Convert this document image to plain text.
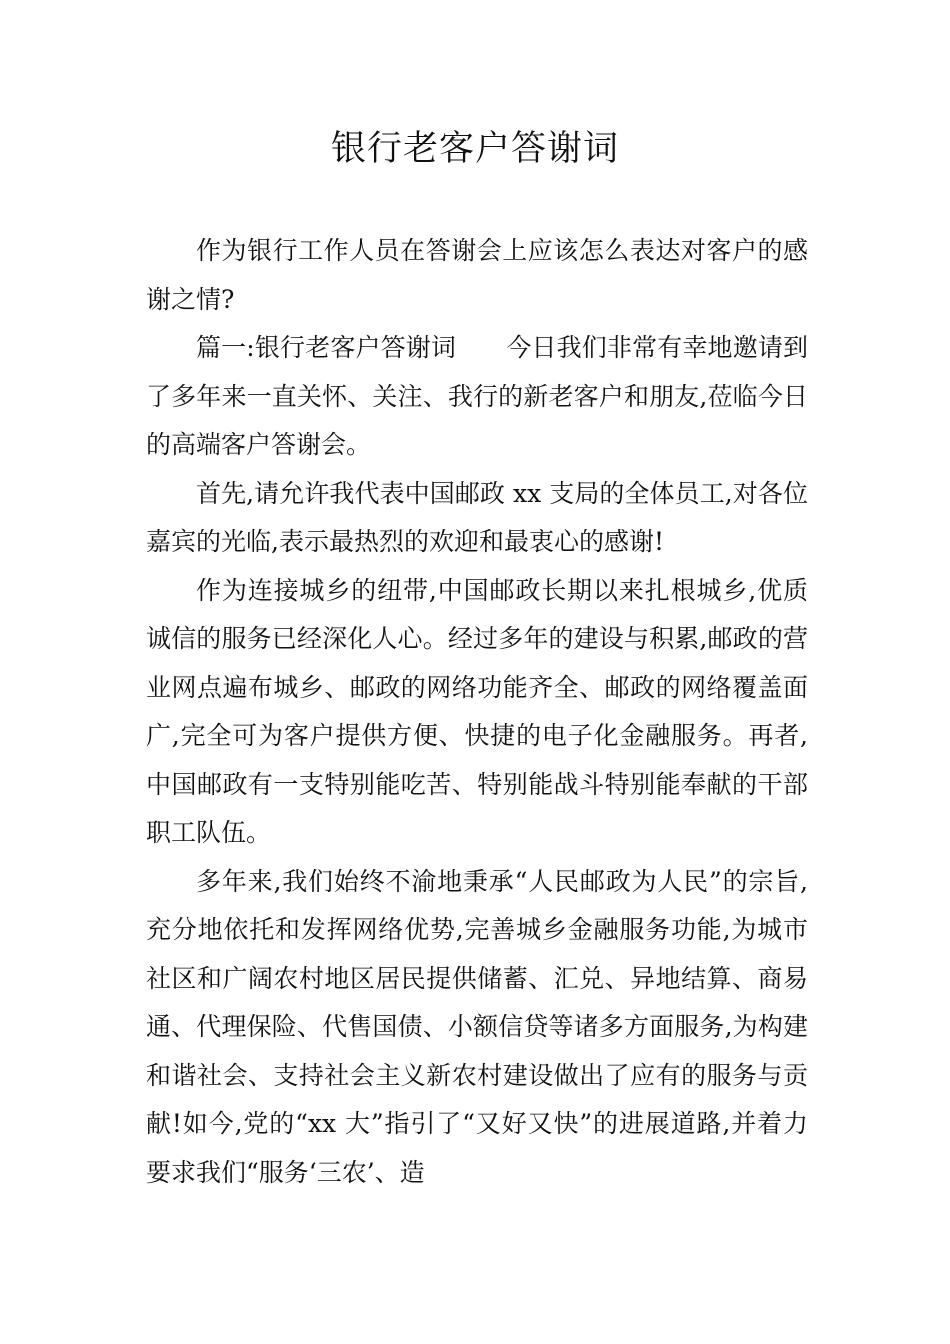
银行老客户答谢词

作为银行工作人员在答谢会上应该怎么表达对客户的感谢之情?

篇一:银行老客户答谢词　　今日我们非常有幸地邀请到了多年来一直关怀、关注、我行的新老客户和朋友,莅临今日的高端客户答谢会。

首先,请允许我代表中国邮政 xx 支局的全体员工,对各位嘉宾的光临,表示最热烈的欢迎和最衷心的感谢!

作为连接城乡的纽带,中国邮政长期以来扎根城乡,优质诚信的服务已经深化人心。经过多年的建设与积累,邮政的营业网点遍布城乡、邮政的网络功能齐全、邮政的网络覆盖面广,完全可为客户提供方便、快捷的电子化金融服务。再者,中国邮政有一支特别能吃苦、特别能战斗特别能奉献的干部职工队伍。

多年来,我们始终不渝地秉承“人民邮政为人民”的宗旨,充分地依托和发挥网络优势,完善城乡金融服务功能,为城市社区和广阔农村地区居民提供储蓄、汇兑、异地结算、商易通、代理保险、代售国债、小额信贷等诸多方面服务,为构建和谐社会、支持社会主义新农村建设做出了应有的服务与贡献!如今,党的“xx 大”指引了“又好又快”的进展道路,并着力要求我们“服务‘三农’、造
